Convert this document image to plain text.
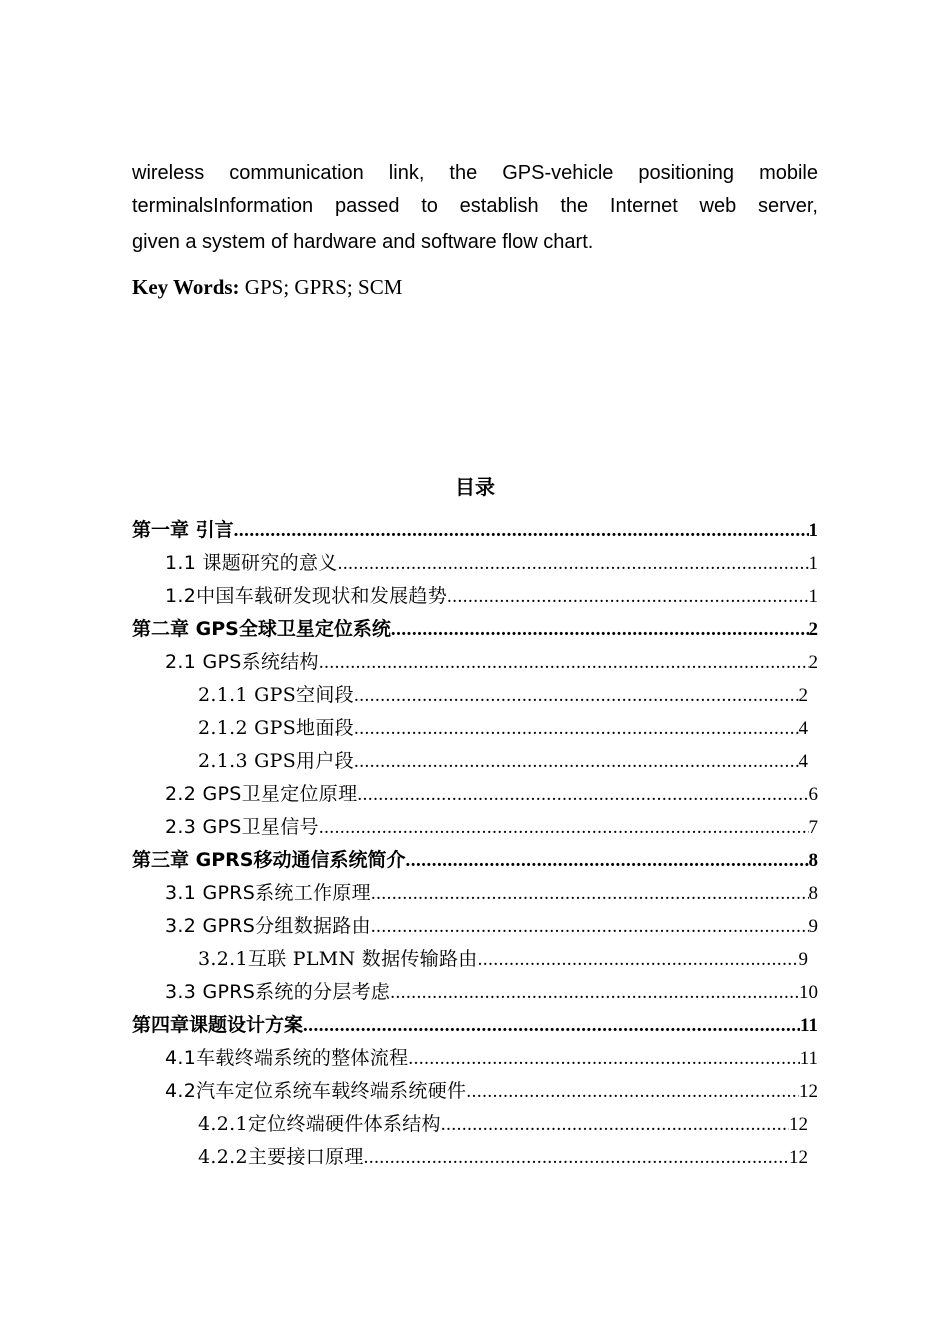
wireless communication link, the GPS-vehicle positioning mobile
terminalsInformation passed to establish the Internet web server,
given a system of hardware and software flow chart.
Key Words: GPS; GPRS; SCM
目录
第一章 引言 .....	1
1.1 课题研究的意义 .....	1
1.2中国车载研发现状和发展趋势 .....	1
第二章 GPS全球卫星定位系统 .....	2
2.1 GPS系统结构 .....	2
2.1.1 GPS空间段 .....	2
2.1.2 GPS地面段 .....	4
2.1.3 GPS用户段 .....	4
2.2 GPS卫星定位原理 .....	6
2.3 GPS卫星信号 .....	7
第三章 GPRS移动通信系统简介 .....	8
3.1 GPRS系统工作原理 .....	8
3.2 GPRS分组数据路由 .....	9
3.2.1互联 PLMN 数据传输路由 .....	9
3.3 GPRS系统的分层考虑 .....	10
第四章课题设计方案 .....	11
4.1车载终端系统的整体流程 .....	11
4.2汽车定位系统车载终端系统硬件 .....	12
4.2.1定位终端硬件体系结构 .....	12
4.2.2主要接口原理 .....	12
